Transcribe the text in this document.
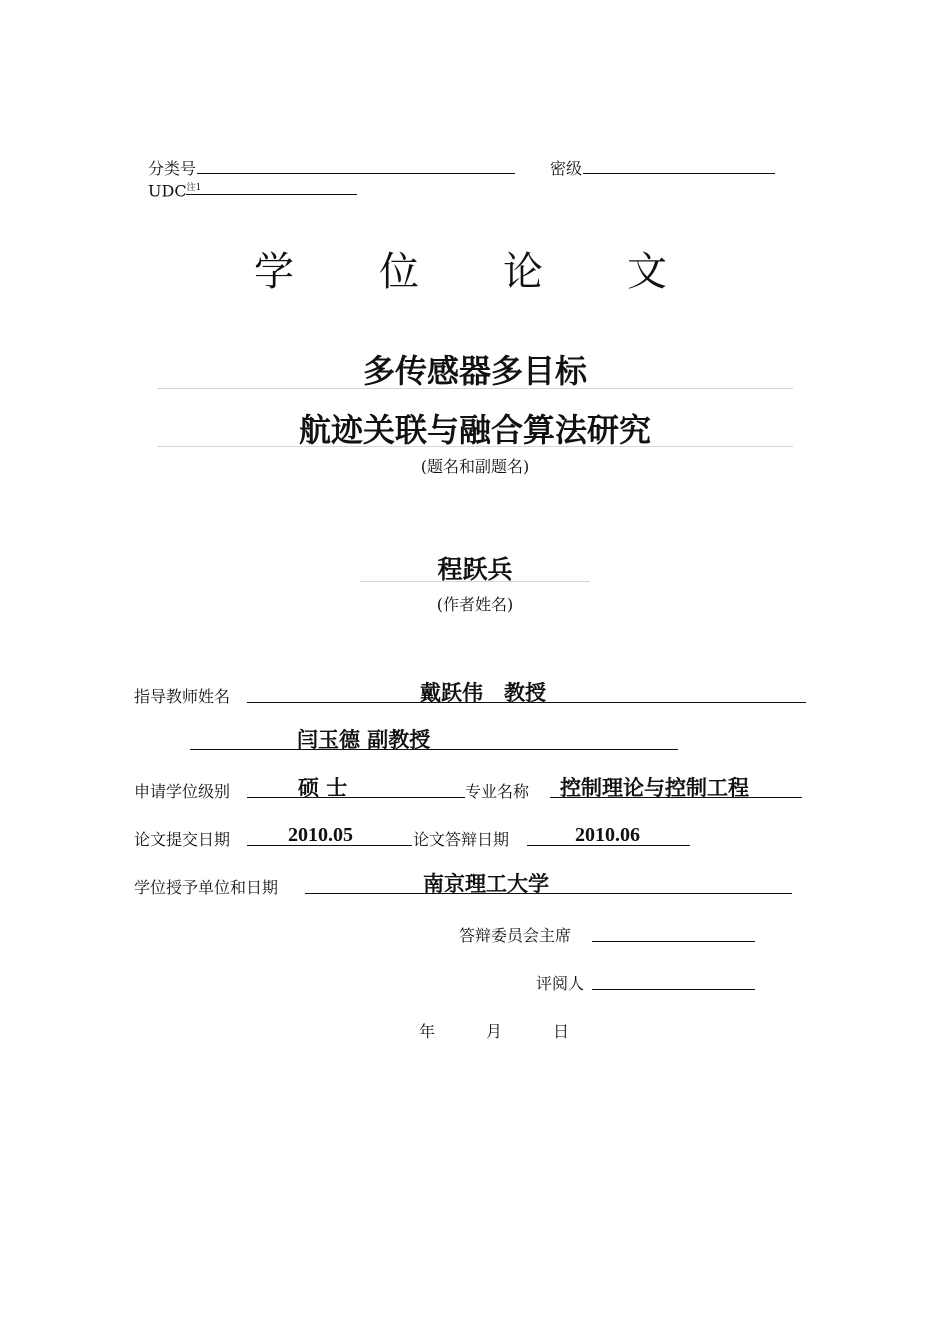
分类号	密级
UDC$^{注1}$
学 位 论 文
多传感器多目标
航迹关联与融合算法研究
(题名和副题名)
程跃兵
(作者姓名)
指导教师姓名	戴跃伟　教授
闫玉德 副教授
申请学位级别	硕 士	专业名称 控制理论与控制工程
论文提交日期	2010.05	论文答辩日期	2010.06
学位授予单位和日期	南京理工大学
答辩委员会主席
评阅人
年	月	日
